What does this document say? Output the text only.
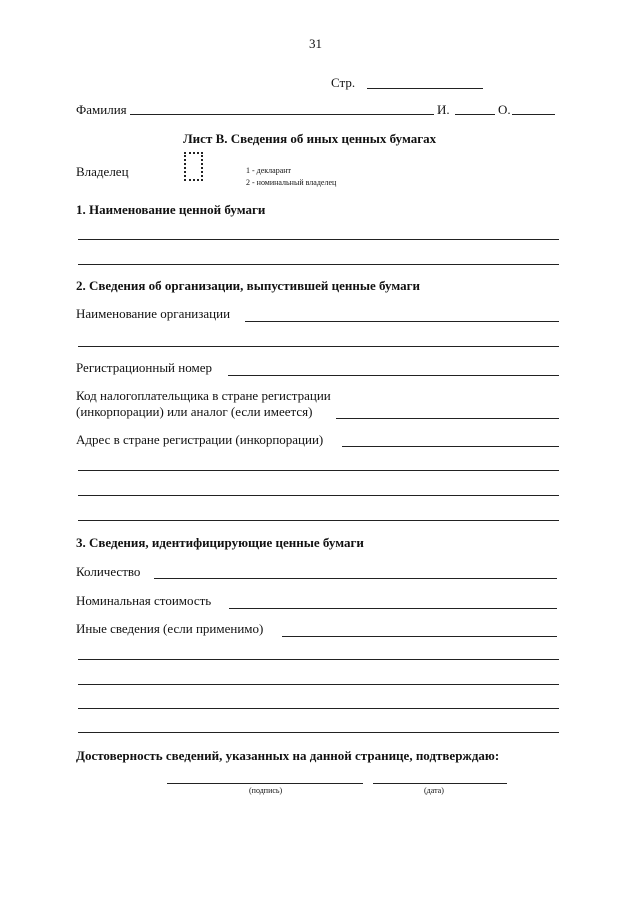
31
Стр.
Фамилия	И.	О.
Лист В. Сведения об иных ценных бумагах
Владелец	1 - декларант
2 - номинальный владелец
1. Наименование ценной бумаги
2. Сведения об организации, выпустившей ценные бумаги
Наименование организации
Регистрационный номер
Код налогоплательщика в стране регистрации
(инкорпорации) или аналог (если имеется)
Адрес в стране регистрации (инкорпорации)
3. Сведения, идентифицирующие ценные бумаги
Количество
Номинальная стоимость
Иные сведения (если применимо)
Достоверность сведений, указанных на данной странице, подтверждаю:
(подпись)	(дата)
